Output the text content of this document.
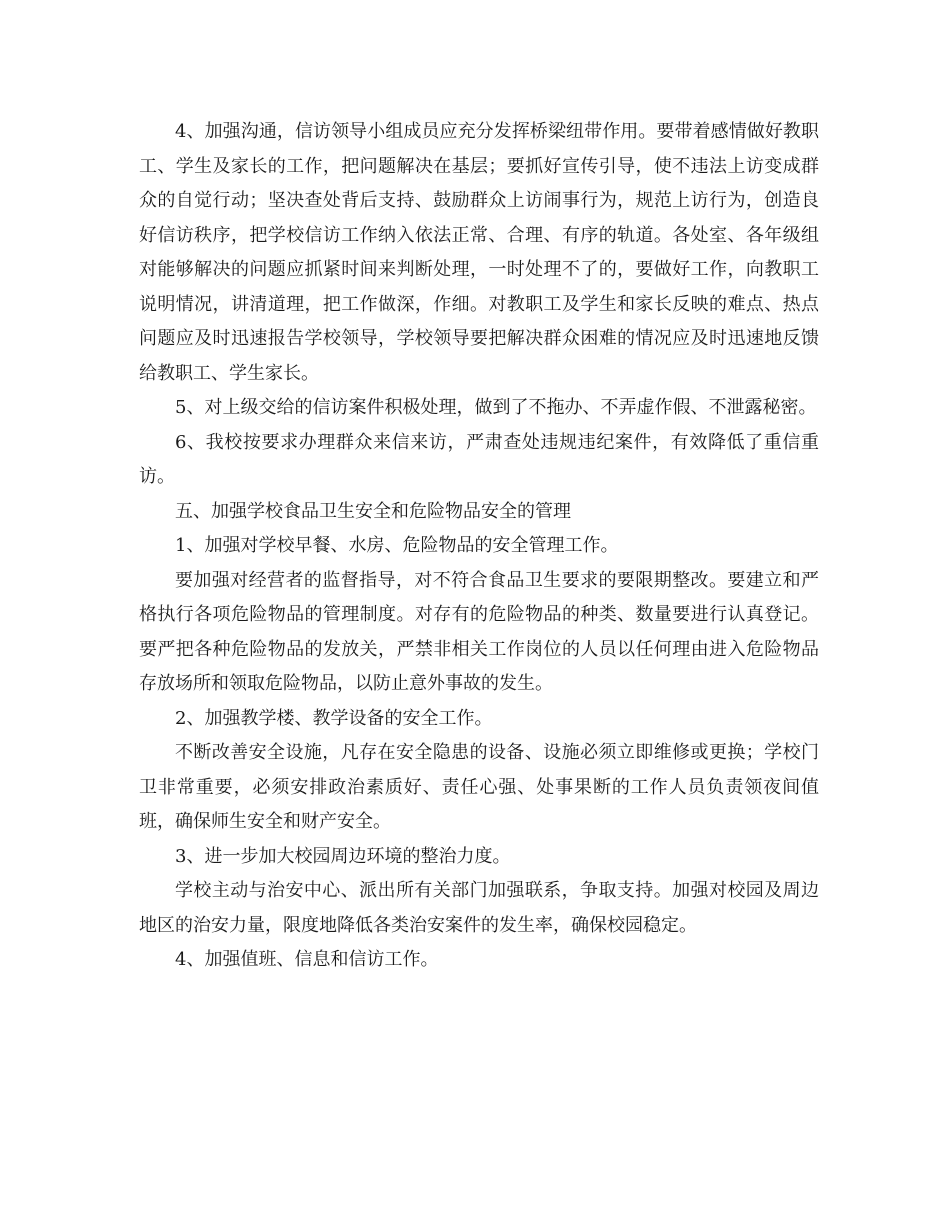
4、加强沟通，信访领导小组成员应充分发挥桥梁纽带作用。要带着感情做好教职工、学生及家长的工作，把问题解决在基层；要抓好宣传引导，使不违法上访变成群众的自觉行动；坚决查处背后支持、鼓励群众上访闹事行为，规范上访行为，创造良好信访秩序，把学校信访工作纳入依法正常、合理、有序的轨道。各处室、各年级组对能够解决的问题应抓紧时间来判断处理，一时处理不了的，要做好工作，向教职工说明情况，讲清道理，把工作做深，作细。对教职工及学生和家长反映的难点、热点问题应及时迅速报告学校领导，学校领导要把解决群众困难的情况应及时迅速地反馈给教职工、学生家长。

5、对上级交给的信访案件积极处理，做到了不拖办、不弄虚作假、不泄露秘密。

6、我校按要求办理群众来信来访，严肃查处违规违纪案件，有效降低了重信重访。

五、加强学校食品卫生安全和危险物品安全的管理

1、加强对学校早餐、水房、危险物品的安全管理工作。

要加强对经营者的监督指导，对不符合食品卫生要求的要限期整改。要建立和严格执行各项危险物品的管理制度。对存有的危险物品的种类、数量要进行认真登记。要严把各种危险物品的发放关，严禁非相关工作岗位的人员以任何理由进入危险物品存放场所和领取危险物品，以防止意外事故的发生。

2、加强教学楼、教学设备的安全工作。

不断改善安全设施，凡存在安全隐患的设备、设施必须立即维修或更换；学校门卫非常重要，必须安排政治素质好、责任心强、处事果断的工作人员负责领夜间值班，确保师生安全和财产安全。

3、进一步加大校园周边环境的整治力度。

学校主动与治安中心、派出所有关部门加强联系，争取支持。加强对校园及周边地区的治安力量，限度地降低各类治安案件的发生率，确保校园稳定。

4、加强值班、信息和信访工作。
